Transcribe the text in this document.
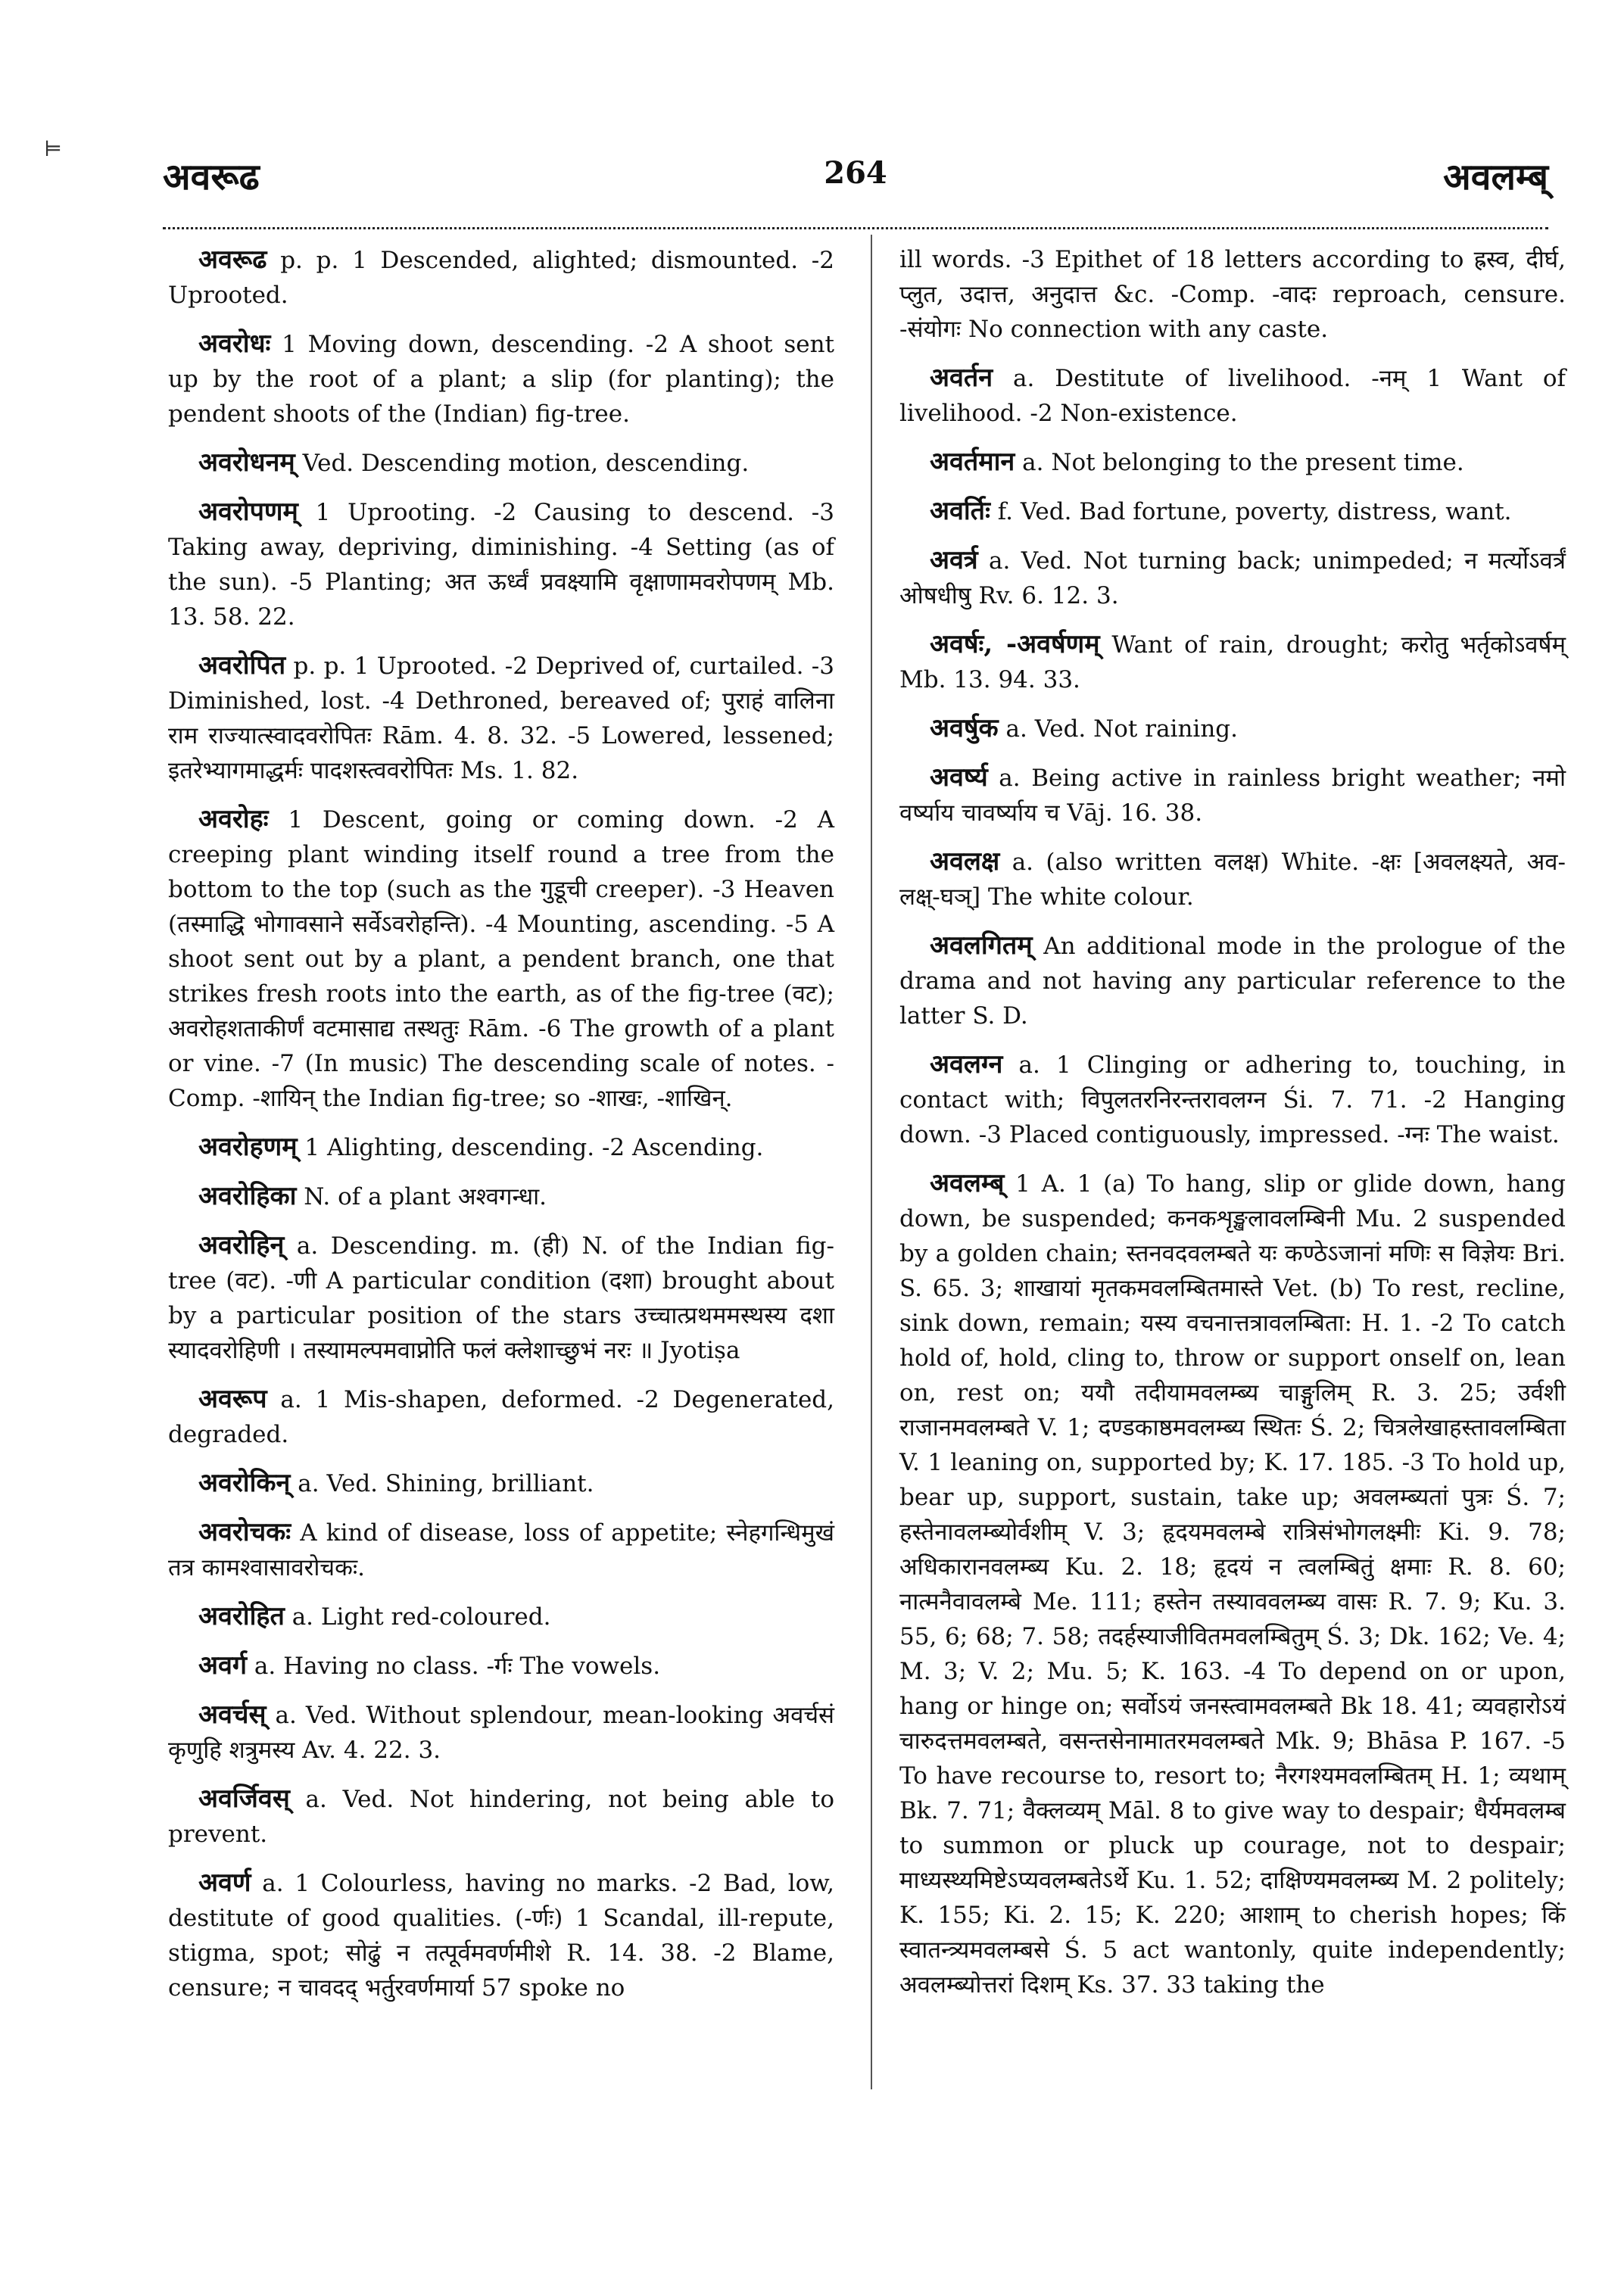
⊨
अवरूढ	264	अवलम्ब्

अवरूढ p. p. 1 Descended, alighted; dismounted. -2 Uprooted.

अवरोधः 1 Moving down, descending. -2 A shoot sent up by the root of a plant; a slip (for planting); the pendent shoots of the (Indian) fig-tree.

अवरोधनम् Ved. Descending motion, descending.

अवरोपणम् 1 Uprooting. -2 Causing to descend. -3 Taking away, depriving, diminishing. -4 Setting (as of the sun). -5 Planting; अत ऊर्ध्वं प्रवक्ष्यामि वृक्षाणामवरोपणम् Mb. 13. 58. 22.

अवरोपित p. p. 1 Uprooted. -2 Deprived of, curtailed. -3 Diminished, lost. -4 Dethroned, bereaved of; पुराहं वालिना राम राज्यात्स्वादवरोपितः Rām. 4. 8. 32. -5 Lowered, lessened; इतरेभ्यागमाद्धर्मः पादशस्त्ववरोपितः Ms. 1. 82.

अवरोहः 1 Descent, going or coming down. -2 A creeping plant winding itself round a tree from the bottom to the top (such as the गुडूची creeper). -3 Heaven (तस्माद्धि भोगावसाने सर्वेऽवरोहन्ति). -4 Mounting, ascending. -5 A shoot sent out by a plant, a pendent branch, one that strikes fresh roots into the earth, as of the fig-tree (वट); अवरोहशताकीर्णं वटमासाद्य तस्थतुः Rām. -6 The growth of a plant or vine. -7 (In music) The descending scale of notes. -Comp. -शायिन् the Indian fig-tree; so -शाखः, -शाखिन्.

अवरोहणम् 1 Alighting, descending. -2 Ascending.

अवरोहिका N. of a plant अश्वगन्धा.

अवरोहिन् a. Descending. m. (ही) N. of the Indian fig-tree (वट). -णी A particular condition (दशा) brought about by a particular position of the stars उच्चात्प्रथममस्थस्य दशा स्यादवरोहिणी । तस्यामल्पमवाप्नोति फलं क्लेशाच्छुभं नरः ॥ Jyotiṣa

अवरूप a. 1 Mis-shapen, deformed. -2 Degenerated, degraded.

अवरोकिन् a. Ved. Shining, brilliant.

अवरोचकः A kind of disease, loss of appetite; स्नेहगन्धिमुखं तत्र कामश्वासावरोचकः.

अवरोहित a. Light red-coloured.

अवर्ग a. Having no class. -र्गः The vowels.

अवर्चस् a. Ved. Without splendour, mean-looking अवर्चसं कृणुहि शत्रुमस्य Av. 4. 22. 3.

अवर्जिवस् a. Ved. Not hindering, not being able to prevent.

अवर्ण a. 1 Colourless, having no marks. -2 Bad, low, destitute of good qualities. (-र्णः) 1 Scandal, ill-repute, stigma, spot; सोढुं न तत्पूर्वमवर्णमीशे R. 14. 38. -2 Blame, censure; न चावदद् भर्तुरवर्णमार्या 57 spoke no

ill words. -3 Epithet of 18 letters according to ह्रस्व, दीर्घ, प्लुत, उदात्त, अनुदात्त &c. -Comp. -वादः reproach, censure. -संयोगः No connection with any caste.

अवर्तन a. Destitute of livelihood. -नम् 1 Want of livelihood. -2 Non-existence.

अवर्तमान a. Not belonging to the present time.

अवर्तिः f. Ved. Bad fortune, poverty, distress, want.

अवर्त्र a. Ved. Not turning back; unimpeded; न मर्त्योऽवर्त्रं ओषधीषु Rv. 6. 12. 3.

अवर्षः, -अवर्षणम् Want of rain, drought; करोतु भर्तृकोऽवर्षम् Mb. 13. 94. 33.

अवर्षुक a. Ved. Not raining.

अवर्ष्य a. Being active in rainless bright weather; नमो वर्ष्याय चावर्ष्याय च Vāj. 16. 38.

अवलक्ष a. (also written वलक्ष) White. -क्षः [अवलक्ष्यते, अव-लक्ष्-घञ्] The white colour.

अवलगितम् An additional mode in the prologue of the drama and not having any particular reference to the latter S. D.

अवलग्न a. 1 Clinging or adhering to, touching, in contact with; विपुलतरनिरन्तरावलग्न Śi. 7. 71. -2 Hanging down. -3 Placed contiguously, impressed. -ग्नः The waist.

अवलम्ब् 1 A. 1 (a) To hang, slip or glide down, hang down, be suspended; कनकशृङ्खलावलम्बिनी Mu. 2 suspended by a golden chain; स्तनवदवलम्बते यः कण्ठेऽजानां मणिः स विज्ञेयः Bri. S. 65. 3; शाखायां मृतकमवलम्बितमास्ते Vet. (b) To rest, recline, sink down, remain; यस्य वचनात्तत्रावलम्बिता: H. 1. -2 To catch hold of, hold, cling to, throw or support onself on, lean on, rest on; ययौ तदीयामवलम्ब्य चाङ्गुलिम् R. 3. 25; उर्वशी राजानमवलम्बते V. 1; दण्डकाष्ठमवलम्ब्य स्थितः Ś. 2; चित्रलेखाहस्तावलम्बिता V. 1 leaning on, supported by; K. 17. 185. -3 To hold up, bear up, support, sustain, take up; अवलम्ब्यतां पुत्रः Ś. 7; हस्तेनावलम्ब्योर्वशीम् V. 3; हृदयमवलम्बे रात्रिसंभोगलक्ष्मीः Ki. 9. 78; अधिकारानवलम्ब्य Ku. 2. 18; हृदयं न त्वलम्बितुं क्षमाः R. 8. 60; नात्मनैवावलम्बे Me. 111; हस्तेन तस्याववलम्ब्य वासः R. 7. 9; Ku. 3. 55, 6; 68; 7. 58; तदर्हस्याजीवितमवलम्बितुम् Ś. 3; Dk. 162; Ve. 4; M. 3; V. 2; Mu. 5; K. 163. -4 To depend on or upon, hang or hinge on; सर्वोऽयं जनस्त्वामवलम्बते Bk 18. 41; व्यवहारोऽयं चारुदत्तमवलम्बते, वसन्तसेनामातरमवलम्बते Mk. 9; Bhāsa P. 167. -5 To have recourse to, resort to; नैरगश्यमवलम्बितम् H. 1; व्यथाम् Bk. 7. 71; वैक्लव्यम् Māl. 8 to give way to despair; धैर्यमवलम्ब to summon or pluck up courage, not to despair; माध्यस्थ्यमिष्टेऽप्यवलम्बतेऽर्थे Ku. 1. 52; दाक्षिण्यमवलम्ब्य M. 2 politely; K. 155; Ki. 2. 15; K. 220; आशाम् to cherish hopes; किं स्वातन्त्र्यमवलम्बसे Ś. 5 act wantonly, quite independently; अवलम्ब्योत्तरां दिशम् Ks. 37. 33 taking the
